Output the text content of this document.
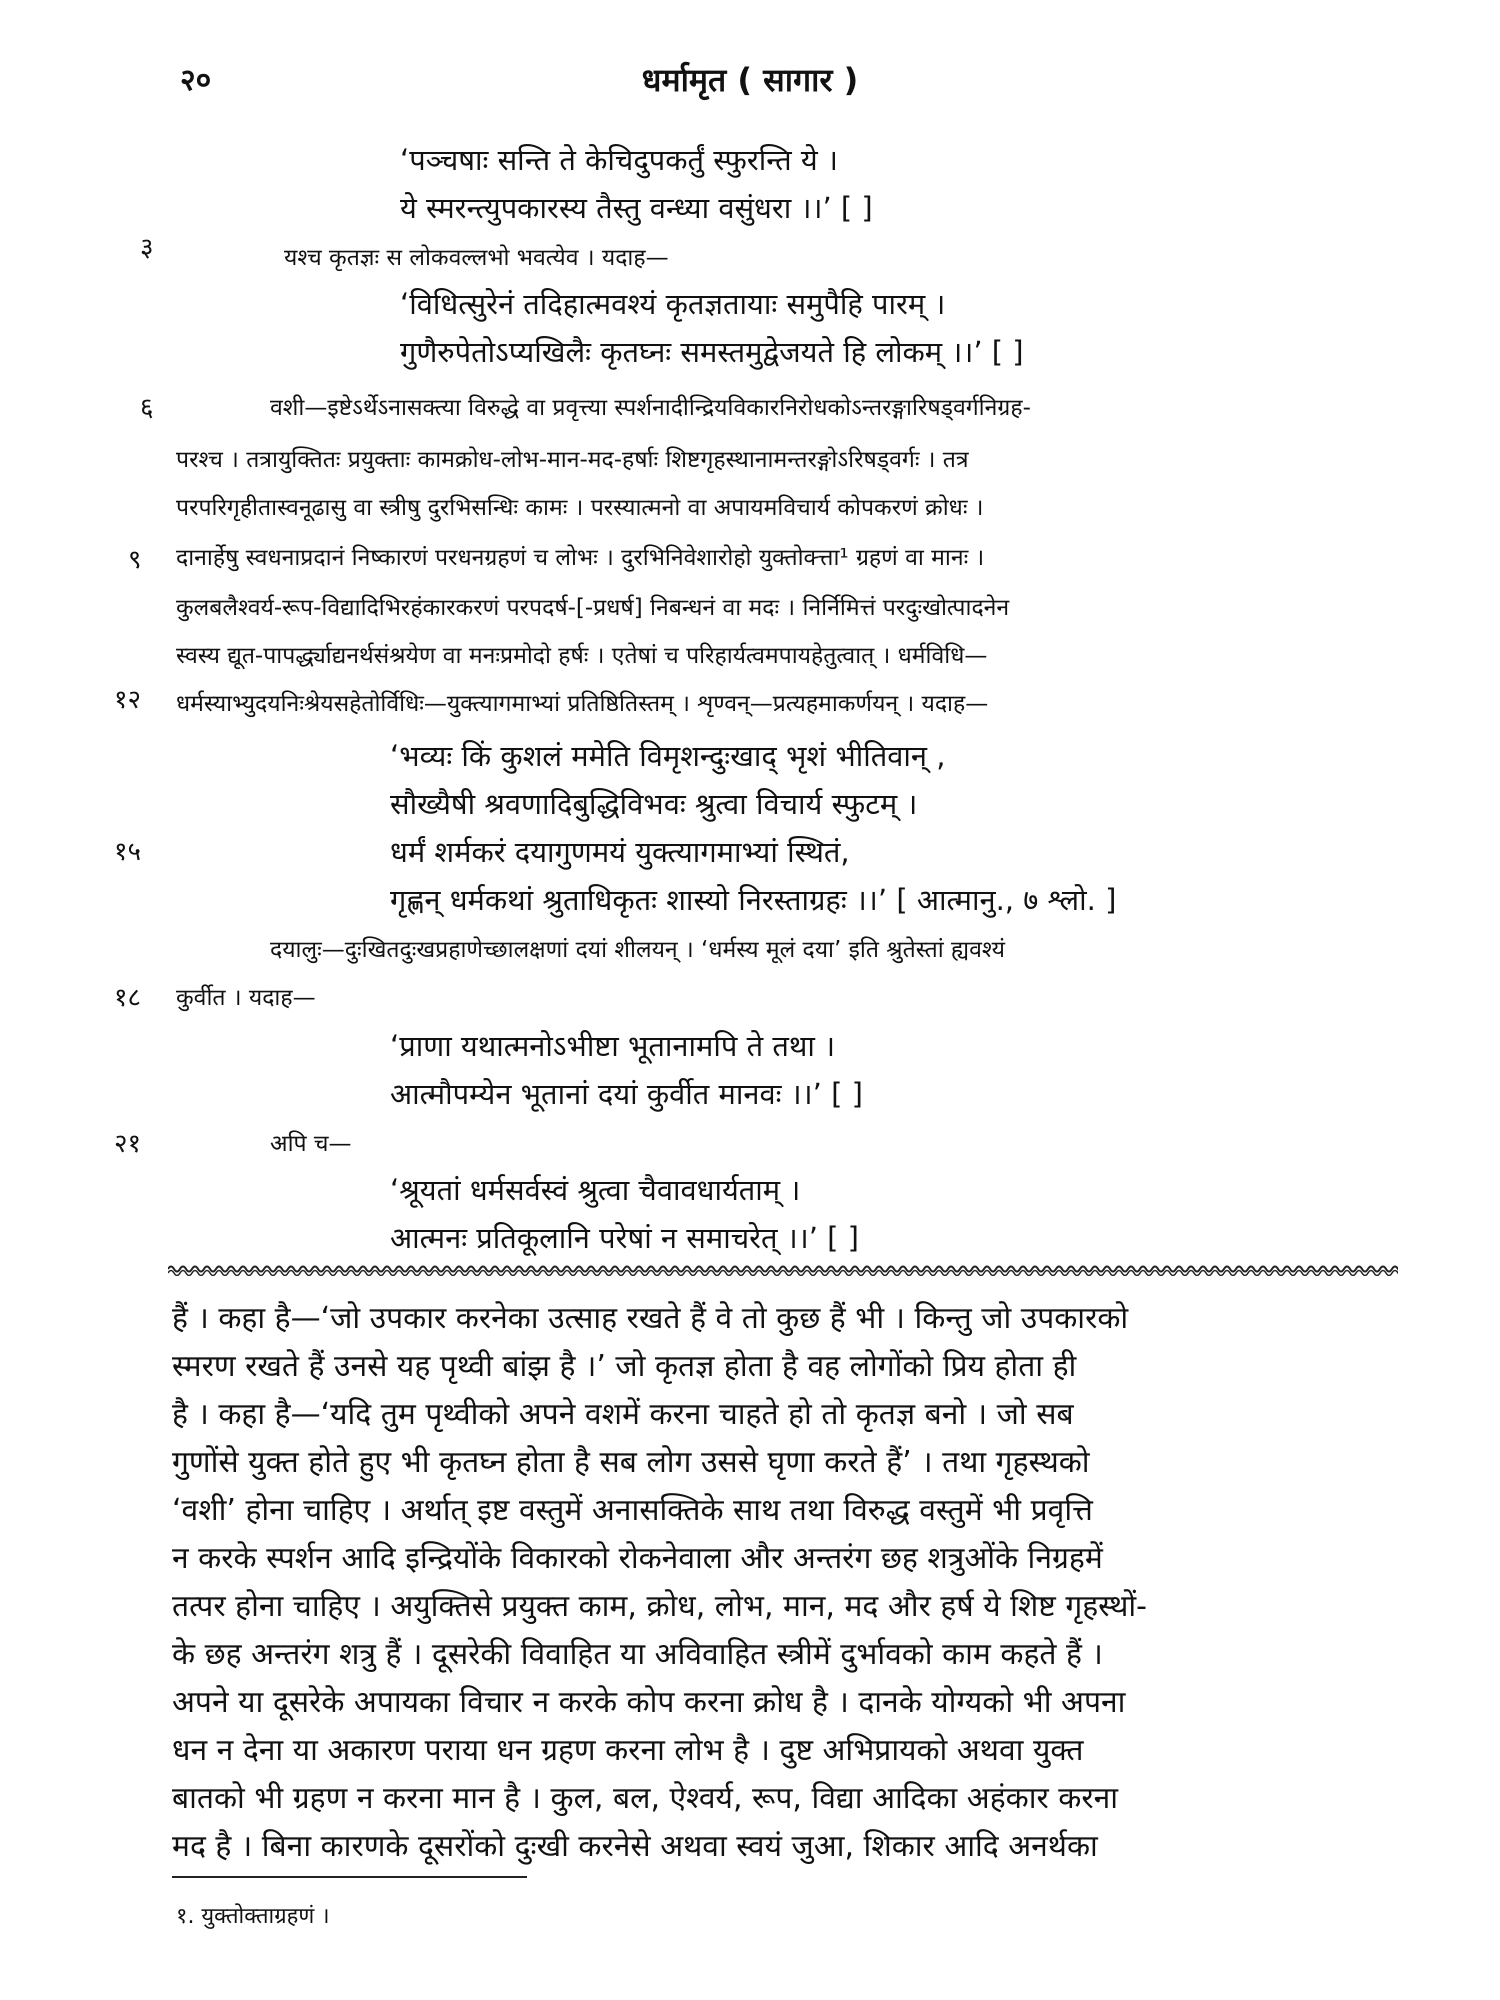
२०	धर्मामृत ( सागार )
३
६
९
१२
१५
१८
२१
‘पञ्चषाः सन्ति ते केचिदुपकर्तुं स्फुरन्ति ये ।
ये स्मरन्त्युपकारस्य तैस्तु वन्ध्या वसुंधरा ।।’ [ ]
यश्च कृतज्ञः स लोकवल्लभो भवत्येव । यदाह—
‘विधित्सुरेनं तदिहात्मवश्यं कृतज्ञतायाः समुपैहि पारम् ।
गुणैरुपेतोऽप्यखिलैः कृतघ्नः समस्तमुद्वेजयते हि लोकम् ।।’ [ ]
वशी—इष्टेऽर्थेऽनासक्त्या विरुद्धे वा प्रवृत्त्या स्पर्शनादीन्द्रियविकारनिरोधकोऽन्तरङ्गारिषड्वर्गनिग्रह-
परश्च । तत्रायुक्तितः प्रयुक्ताः कामक्रोध-लोभ-मान-मद-हर्षाः शिष्टगृहस्थानामन्तरङ्गोऽरिषड्वर्गः । तत्र
परपरिगृहीतास्वनूढासु वा स्त्रीषु दुरभिसन्धिः कामः । परस्यात्मनो वा अपायमविचार्य कोपकरणं क्रोधः ।
दानार्हेषु स्वधनाप्रदानं निष्कारणं परधनग्रहणं च लोभः । दुरभिनिवेशारोहो युक्तोक्त्ता¹ ग्रहणं वा मानः ।
कुलबलैश्वर्य-रूप-विद्यादिभिरहंकारकरणं परपदर्ष-[-प्रधर्ष] निबन्धनं वा मदः । निर्निमित्तं परदुःखोत्पादनेन
स्वस्य द्यूत-पापर्द्ध्याद्यनर्थसंश्रयेण वा मनःप्रमोदो हर्षः । एतेषां च परिहार्यत्वमपायहेतुत्वात् । धर्मविधि—
धर्मस्याभ्युदयनिःश्रेयसहेतोर्विधिः—युक्त्यागमाभ्यां प्रतिष्ठितिस्तम् । शृण्वन्—प्रत्यहमाकर्णयन् । यदाह—
‘भव्यः किं कुशलं ममेति विमृशन्दुःखाद् भृशं भीतिवान् ,
सौख्यैषी श्रवणादिबुद्धिविभवः श्रुत्वा विचार्य स्फुटम् ।
धर्मं शर्मकरं दयागुणमयं युक्त्यागमाभ्यां स्थितं,
गृह्णन् धर्मकथां श्रुताधिकृतः शास्यो निरस्ताग्रहः ।।’ [ आत्मानु., ७ श्लो. ]
दयालुः—दुःखितदुःखप्रहाणेच्छालक्षणां दयां शीलयन् । ‘धर्मस्य मूलं दया’ इति श्रुतेस्तां ह्यवश्यं
कुर्वीत । यदाह—
‘प्राणा यथात्मनोऽभीष्टा भूतानामपि ते तथा ।
आत्मौपम्येन भूतानां दयां कुर्वीत मानवः ।।’ [ ]
अपि च—
‘श्रूयतां धर्मसर्वस्वं श्रुत्वा चैवावधार्यताम् ।
आत्मनः प्रतिकूलानि परेषां न समाचरेत् ।।’ [ ]
हैं । कहा है—‘जो उपकार करनेका उत्साह रखते हैं वे तो कुछ हैं भी । किन्तु जो उपकारको
स्मरण रखते हैं उनसे यह पृथ्वी बांझ है ।’ जो कृतज्ञ होता है वह लोगोंको प्रिय होता ही
है । कहा है—‘यदि तुम पृथ्वीको अपने वशमें करना चाहते हो तो कृतज्ञ बनो । जो सब
गुणोंसे युक्त होते हुए भी कृतघ्न होता है सब लोग उससे घृणा करते हैं’ । तथा गृहस्थको
‘वशी’ होना चाहिए । अर्थात् इष्ट वस्तुमें अनासक्तिके साथ तथा विरुद्ध वस्तुमें भी प्रवृत्ति
न करके स्पर्शन आदि इन्द्रियोंके विकारको रोकनेवाला और अन्तरंग छह शत्रुओंके निग्रहमें
तत्पर होना चाहिए । अयुक्तिसे प्रयुक्त काम, क्रोध, लोभ, मान, मद और हर्ष ये शिष्ट गृहस्थों-
के छह अन्तरंग शत्रु हैं । दूसरेकी विवाहित या अविवाहित स्त्रीमें दुर्भावको काम कहते हैं ।
अपने या दूसरेके अपायका विचार न करके कोप करना क्रोध है । दानके योग्यको भी अपना
धन न देना या अकारण पराया धन ग्रहण करना लोभ है । दुष्ट अभिप्रायको अथवा युक्त
बातको भी ग्रहण न करना मान है । कुल, बल, ऐश्वर्य, रूप, विद्या आदिका अहंकार करना
मद है । बिना कारणके दूसरोंको दुःखी करनेसे अथवा स्वयं जुआ, शिकार आदि अनर्थका
१. युक्तोक्ताग्रहणं ।
